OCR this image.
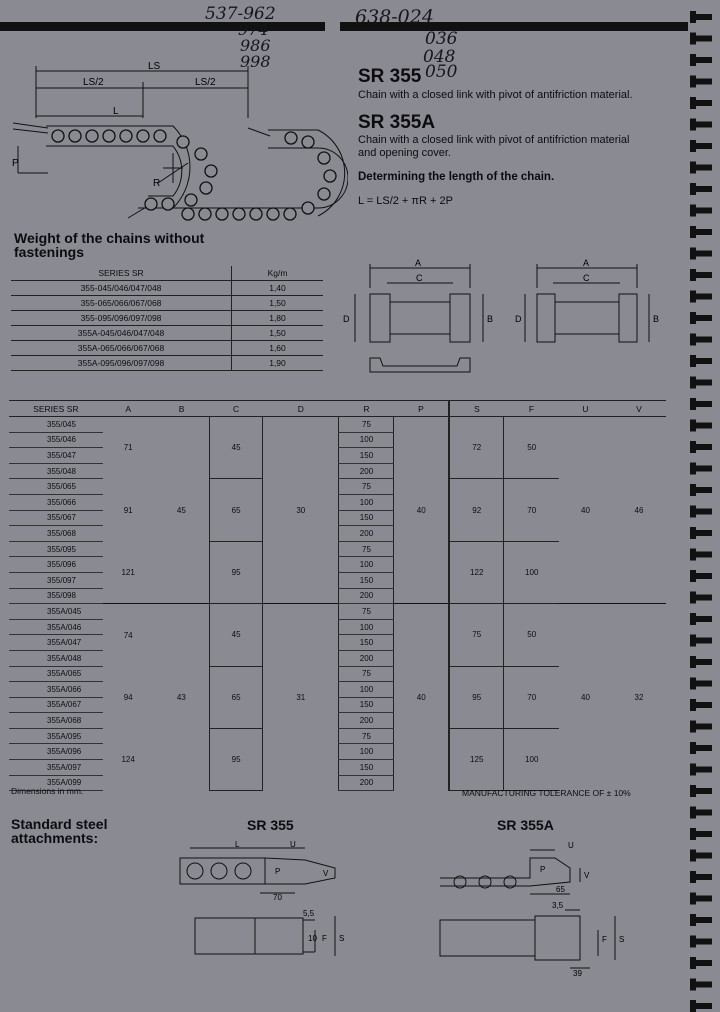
537-962
974
986
998
638-024
036
048
050
LS
LS/2	LS/2
L
P
R
SR 355
Chain with a closed link with pivot of antifriction material.
SR 355A
Chain with a closed link with pivot of antifriction material and opening cover.
Determining the length of the chain.
L = LS/2 + πR + 2P
Weight of the chains without fastenings
SERIES SR	Kg/m
355-045/046/047/048	1,40
355-065/066/067/068	1,50
355-095/096/097/098	1,80
355A-045/046/047/048	1,50
355A-065/066/067/068	1,60
355A-095/096/097/098	1,90
A
C
D	B
A
C
D	B
SERIES SR	A	B	C	D	R	P	S	F	U	V
355/045	71		45		75		72	50		
355/046					100					
355/047					150					
355/048					200					
355/065	91	45	65	30	75	40	92	70	40	46
355/066					100					
355/067					150					
355/068					200					
355/095	121		95		75		122	100		
355/096					100					
355/097					150					
355/098					200					
355A/045	74		45		75		75	50		
355A/046					100					
355A/047					150					
355A/048					200					
355A/065	94	43	65	31	75	40	95	70	40	32
355A/066					100					
355A/067					150					
355A/068					200					
355A/095	124		95		75		125	100		
355A/096					100					
355A/097					150					
355A/099					200					
Dimensions in mm.	MANUFACTURING TOLERANCE OF ± 10%
Standard steel attachments:
SR 355	SR 355A
L	U
P	V
70
5,5
10 F S
U
P
V
65
3,5
F S
39
